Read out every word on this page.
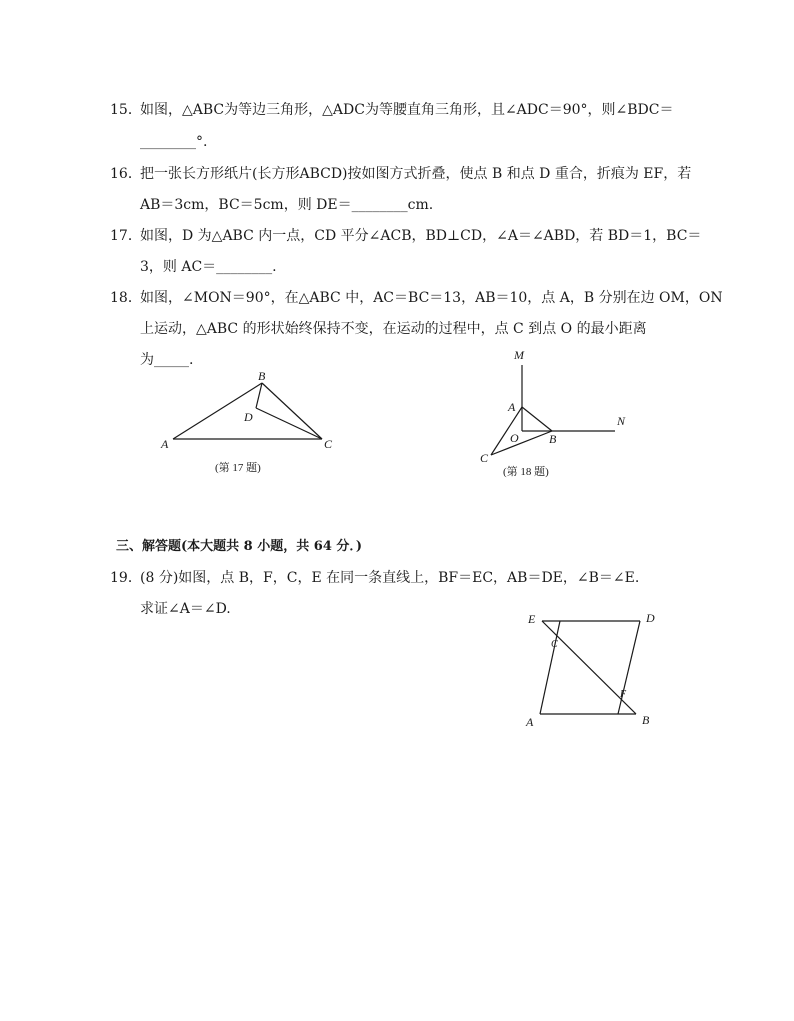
15．如图，△ABC为等边三角形，△ADC为等腰直角三角形，且∠ADC＝90°，则∠BDC＝
________°.
16．把一张长方形纸片(长方形ABCD)按如图方式折叠，使点 B 和点 D 重合，折痕为 EF，若
AB＝3cm，BC＝5cm，则 DE＝________cm.
17．如图，D 为△ABC 内一点，CD 平分∠ACB，BD⊥CD，∠A＝∠ABD，若 BD＝1，BC＝
3，则 AC＝________.
18．如图，∠MON＝90°，在△ABC 中，AC＝BC＝13，AB＝10，点 A，B 分别在边 OM，ON
上运动，△ABC 的形状始终保持不变，在运动的过程中，点 C 到点 O 的最小距离
为_____.
A
B
C
D
(第 17 题)
M
A
O	B
N
C
(第 18 题)
三、解答题(本大题共 8 小题，共 64 分．)
19．(8 分)如图，点 B，F，C，E 在同一条直线上，BF＝EC，AB＝DE，∠B＝∠E.
求证∠A＝∠D.
E	D
C
F
A	B
